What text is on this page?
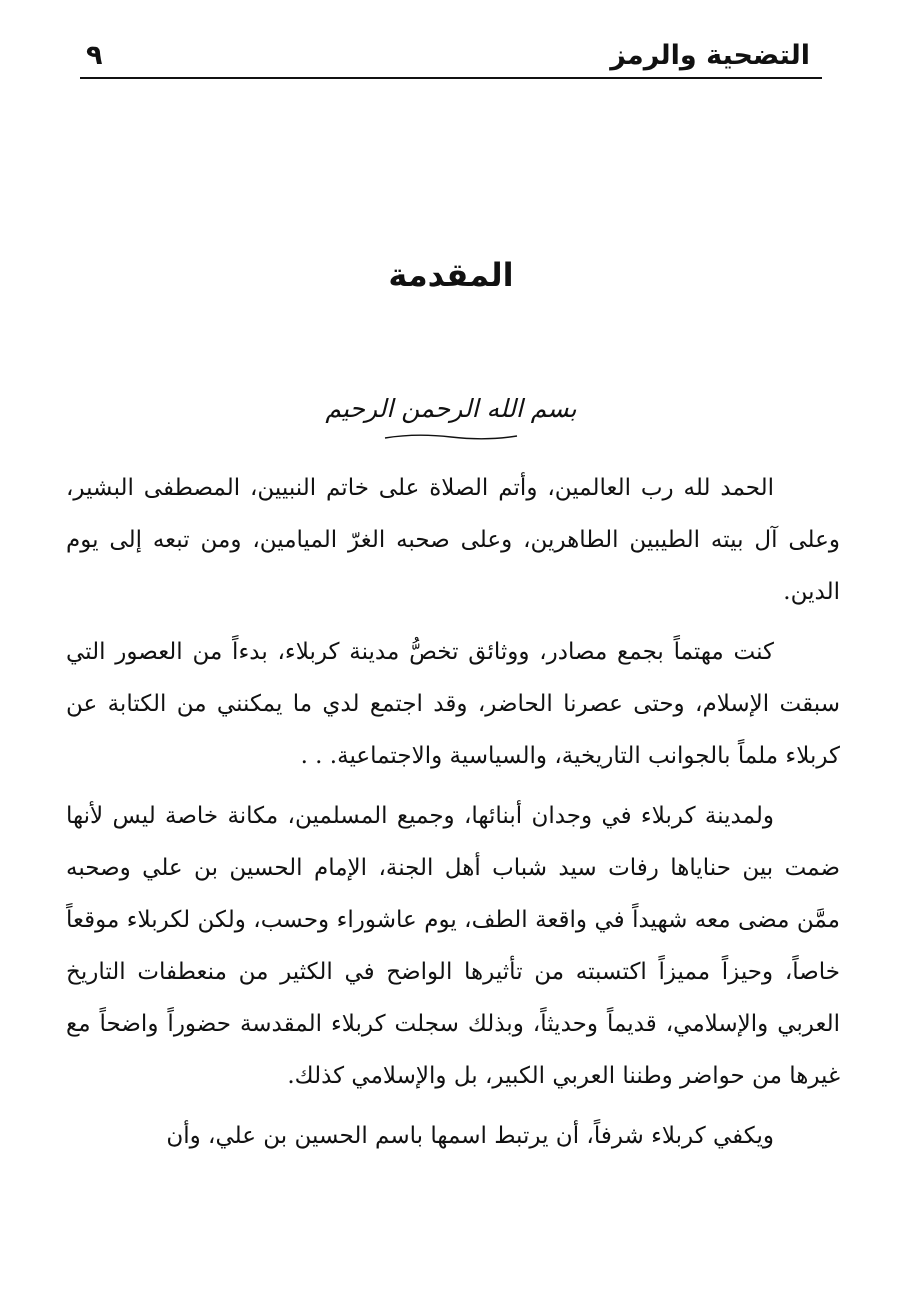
التضحية والرمز
٩
المقدمة
بسم الله الرحمن الرحيم

الحمد لله رب العالمين، وأتم الصلاة على خاتم النبيين، المصطفى البشير، وعلى آل بيته الطيبين الطاهرين، وعلى صحبه الغرّ الميامين، ومن تبعه إلى يوم الدين.

كنت مهتماً بجمع مصادر، ووثائق تخصُّ مدينة كربلاء، بدءاً من العصور التي سبقت الإسلام، وحتى عصرنا الحاضر، وقد اجتمع لدي ما يمكنني من الكتابة عن كربلاء ملماً بالجوانب التاريخية، والسياسية والاجتماعية. . .

ولمدينة كربلاء في وجدان أبنائها، وجميع المسلمين، مكانة خاصة ليس لأنها ضمت بين حناياها رفات سيد شباب أهل الجنة، الإمام الحسين بن علي وصحبه ممَّن مضى معه شهيداً في واقعة الطف، يوم عاشوراء وحسب، ولكن لكربلاء موقعاً خاصاً، وحيزاً مميزاً اكتسبته من تأثيرها الواضح في الكثير من منعطفات التاريخ العربي والإسلامي، قديماً وحديثاً، وبذلك سجلت كربلاء المقدسة حضوراً واضحاً مع غيرها من حواضر وطننا العربي الكبير، بل والإسلامي كذلك.

ويكفي كربلاء شرفاً، أن يرتبط اسمها باسم الحسين بن علي، وأن
